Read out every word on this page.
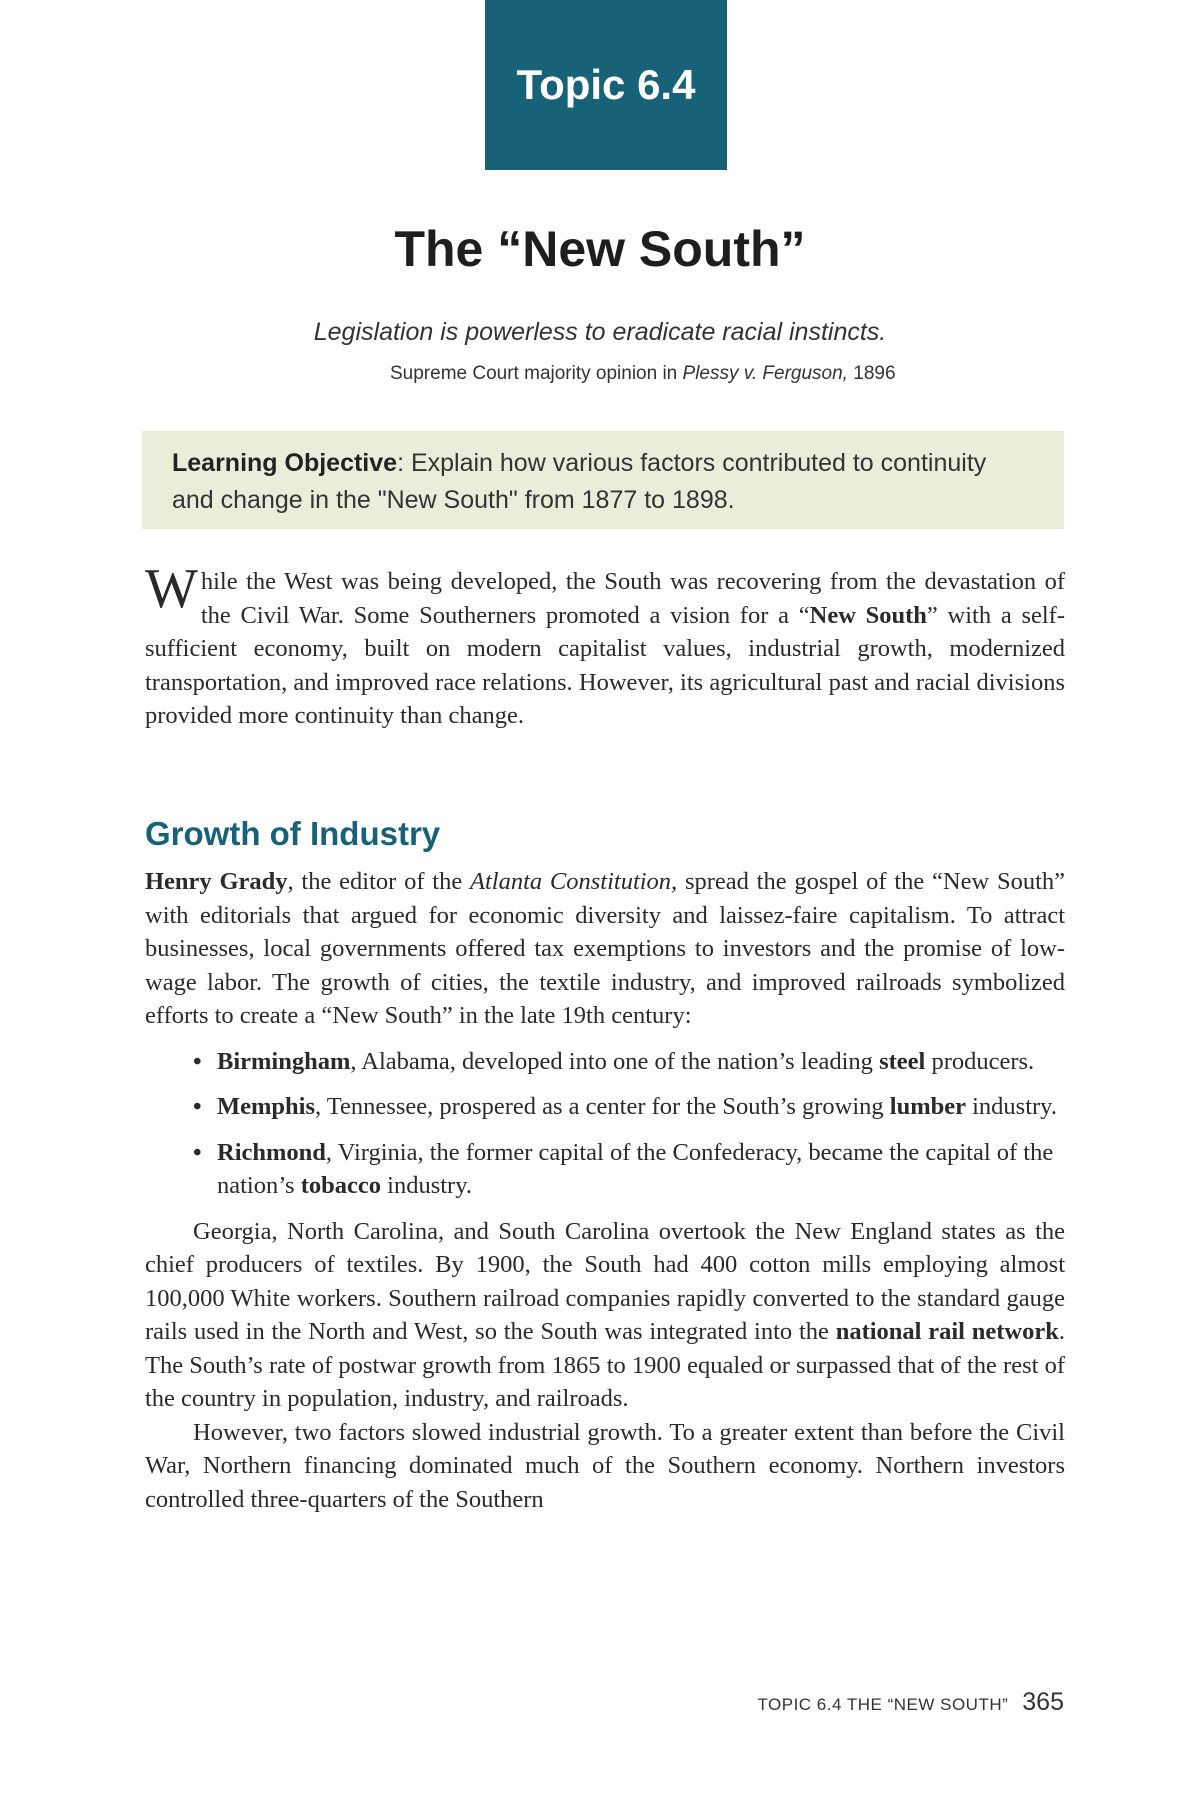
Topic 6.4
The “New South”
Legislation is powerless to eradicate racial instincts.
Supreme Court majority opinion in Plessy v. Ferguson, 1896
Learning Objective: Explain how various factors contributed to continuity and change in the "New South" from 1877 to 1898.
While the West was being developed, the South was recovering from the devastation of the Civil War. Some Southerners promoted a vision for a “New South” with a self-sufficient economy, built on modern capitalist values, industrial growth, modernized transportation, and improved race relations. However, its agricultural past and racial divisions provided more continuity than change.
Growth of Industry

Henry Grady, the editor of the Atlanta Constitution, spread the gospel of the “New South” with editorials that argued for economic diversity and laissez-faire capitalism. To attract businesses, local governments offered tax exemptions to investors and the promise of low-wage labor. The growth of cities, the textile industry, and improved railroads symbolized efforts to create a “New South” in the late 19th century:

• Birmingham, Alabama, developed into one of the nation’s leading steel producers.
• Memphis, Tennessee, prospered as a center for the South’s growing lumber industry.
• Richmond, Virginia, the former capital of the Confederacy, became the capital of the nation’s tobacco industry.

Georgia, North Carolina, and South Carolina overtook the New England states as the chief producers of textiles. By 1900, the South had 400 cotton mills employing almost 100,000 White workers. Southern railroad companies rapidly converted to the standard gauge rails used in the North and West, so the South was integrated into the national rail network. The South’s rate of postwar growth from 1865 to 1900 equaled or surpassed that of the rest of the country in population, industry, and railroads.

However, two factors slowed industrial growth. To a greater extent than before the Civil War, Northern financing dominated much of the Southern economy. Northern investors controlled three-quarters of the Southern

TOPIC 6.4 THE “NEW SOUTH” 365
